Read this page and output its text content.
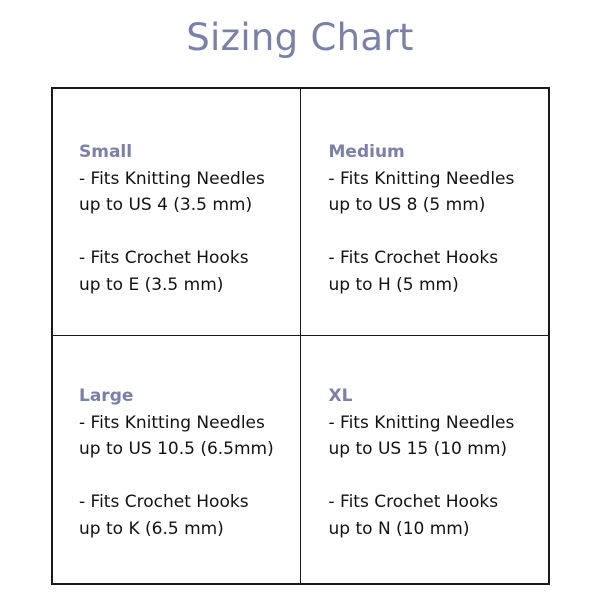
Sizing Chart
Small
- Fits Knitting Needles
up to US 4 (3.5 mm)
- Fits Crochet Hooks
up to E (3.5 mm)
Medium
- Fits Knitting Needles
up to US 8 (5 mm)
- Fits Crochet Hooks
up to H (5 mm)
Large
- Fits Knitting Needles
up to US 10.5 (6.5mm)
- Fits Crochet Hooks
up to K (6.5 mm)
XL
- Fits Knitting Needles
up to US 15 (10 mm)
- Fits Crochet Hooks
up to N (10 mm)
